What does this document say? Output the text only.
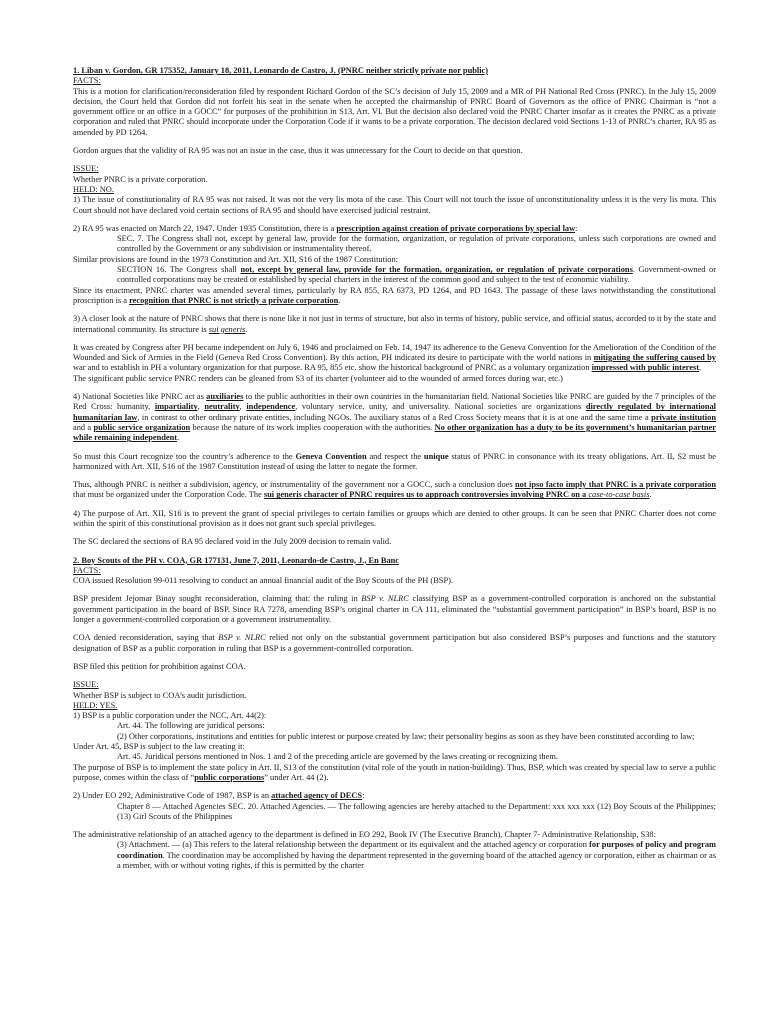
1. Liban v. Gordon, GR 175352, January 18, 2011, Leonardo de Castro, J. (PNRC neither strictly private nor public)

FACTS:

This is a motion for clarification/reconsideration filed by respondent Richard Gordon of the SC’s decision of July 15, 2009 and a MR of PH National Red Cross (PNRC). In the July 15, 2009 decision, the Court held that Gordon did not forfeit his seat in the senate when he accepted the chairmanship of PNRC Board of Governors as the office of PNRC Chairman is “not a government office or an office in a GOCC” for purposes of the prohibition in S13, Art. VI. But the decision also declared void the PNRC Charter insofar as it creates the PNRC as a private corporation and ruled that PNRC should incorporate under the Corporation Code if it wants to be a private corporation. The decision declared void Sections 1-13 of PNRC’s charter, RA 95 as amended by PD 1264.

Gordon argues that the validity of RA 95 was not an issue in the case, thus it was unnecessary for the Court to decide on that question.

ISSUE:

Whether PNRC is a private corporation.

HELD: NO.

1) The issue of constitutionality of RA 95 was not raised. It was not the very lis mota of the case. This Court will not touch the issue of unconstitutionality unless it is the very lis mota. This Court should not have declared void certain sections of RA 95 and should have exercised judicial restraint.

2) RA 95 was enacted on March 22, 1947. Under 1935 Constitution, there is a prescription against creation of private corporations by special law:

SEC. 7. The Congress shall not, except by general law, provide for the formation, organization, or regulation of private corporations, unless such corporations are owned and controlled by the Government or any subdivision or instrumentality thereof.

Similar provisions are found in the 1973 Constitution and Art. XII, S16 of the 1987 Constitution:

SECTION 16. The Congress shall not, except by general law, provide for the formation, organization, or regulation of private corporations. Government-owned or controlled corporations may be created or established by special charters in the interest of the common good and subject to the test of economic viability.

Since its enactment, PNRC charter was amended several times, particularly by RA 855, RA 6373, PD 1264, and PD 1643. The passage of these laws notwithstanding the constitutional proscription is a recognition that PNRC is not strictly a private corporation.

3) A closer look at the nature of PNRC shows that there is none like it not just in terms of structure, but also in terms of history, public service, and official status, accorded to it by the state and international community. Its structure is sui generis.

It was created by Congress after PH became independent on July 6, 1946 and proclaimed on Feb. 14, 1947 its adherence to the Geneva Convention for the Amelioration of the Condition of the Wounded and Sick of Armies in the Field (Geneva Red Cross Convention). By this action, PH indicated its desire to participate with the world nations in mitigating the suffering caused by war and to establish in PH a voluntary organization for that purpose. RA 95, 855 etc. show the historical background of PNRC as a voluntary organization impressed with public interest.

The significant public service PNRC renders can be gleaned from S3 of its charter (volunteer aid to the wounded of armed forces during war, etc.)

4) National Societies like PNRC act as auxiliaries to the public authorities in their own countries in the humanitarian field. National Societies like PNRC are guided by the 7 principles of the Red Cross: humanity, impartiality, neutrality, independence, voluntary service, unity, and universality. National societies are organizations directly regulated by international humanitarian law, in contrast to other ordinary private entities, including NGOs. The auxiliary status of a Red Cross Society means that it is at one and the same time a private institution and a public service organization because the nature of its work implies cooperation with the authorities. No other organization has a duty to be its government’s humanitarian partner while remaining independent.

So must this Court recognize too the country’s adherence to the Geneva Convention and respect the unique status of PNRC in consonance with its treaty obligations. Art. II, S2 must be harmonized with Art. XII, S16 of the 1987 Constitution instead of using the latter to negate the former.

Thus, although PNRC is neither a subdivision, agency, or instrumentality of the government nor a GOCC, such a conclusion does not ipso facto imply that PNRC is a private corporation that must be organized under the Corporation Code. The sui generis character of PNRC requires us to approach controversies involving PNRC on a case-to-case basis.

4) The purpose of Art. XII, S16 is to prevent the grant of special privileges to certain families or groups which are denied to other groups. It can be seen that PNRC Charter does not come within the spirit of this constitutional provision as it does not grant such special privileges.

The SC declared the sections of RA 95 declared void in the July 2009 decision to remain valid.

2. Boy Scouts of the PH v. COA, GR 177131, June 7, 2011, Leonardo-de Castro, J., En Banc

FACTS:

COA issued Resolution 99-011 resolving to conduct an annual financial audit of the Boy Scouts of the PH (BSP).

BSP president Jejomar Binay sought reconsideration, claiming that: the ruling in BSP v. NLRC classifying BSP as a government-controlled corporation is anchored on the substantial government participation in the board of BSP. Since RA 7278, amending BSP’s original charter in CA 111, eliminated the “substantial government participation” in BSP’s board, BSP is no longer a government-controlled corporation or a government instrumentality.

COA denied reconsideration, saying that BSP v. NLRC relied not only on the substantial government participation but also considered BSP’s purposes and functions and the statutory designation of BSP as a public corporation in ruling that BSP is a government-controlled corporation.

BSP filed this petition for prohibition against COA.

ISSUE:

Whether BSP is subject to COA’s audit jurisdiction.

HELD: YES.

1) BSP is a public corporation under the NCC, Art. 44(2):

Art. 44. The following are juridical persons:

(2) Other corporations, institutions and entities for public interest or purpose created by law; their personality begins as soon as they have been constituted according to law;

Under Art. 45, BSP is subject to the law creating it:

Art. 45. Juridical persons mentioned in Nos. 1 and 2 of the preceding article are governed by the laws creating or recognizing them.

The purpose of BSP is to implement the state policy in Art. II, S13 of the constitution (vital role of the youth in nation-building). Thus, BSP, which was created by special law to serve a public purpose, comes within the class of “public corporations” under Art. 44 (2).

2) Under EO 292, Administrative Code of 1987, BSP is an attached agency of DECS:

Chapter 8 — Attached Agencies SEC. 20. Attached Agencies. — The following agencies are hereby attached to the Department: xxx xxx xxx (12) Boy Scouts of the Philippines; (13) Girl Scouts of the Philippines

The administrative relationship of an attached agency to the department is defined in EO 292, Book IV (The Executive Branch), Chapter 7- Administrative Relationship, S38:

(3) Attachment. — (a) This refers to the lateral relationship between the department or its equivalent and the attached agency or corporation for purposes of policy and program coordination. The coordination may be accomplished by having the department represented in the governing board of the attached agency or corporation, either as chairman or as a member, with or without voting rights, if this is permitted by the charter
